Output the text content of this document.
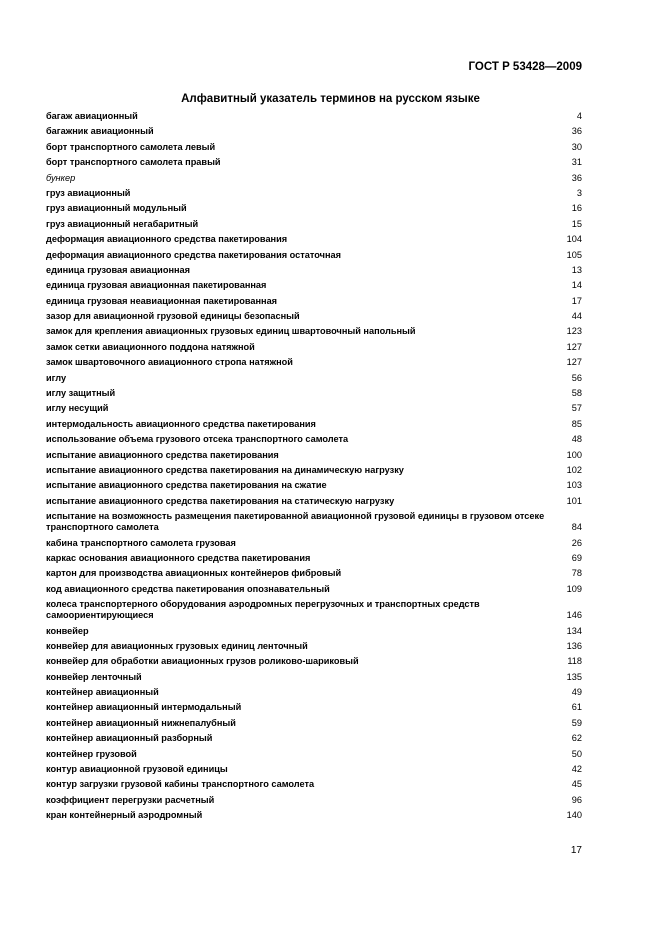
ГОСТ Р 53428—2009
Алфавитный указатель терминов на русском языке
багаж авиационный	4
багажник авиационный	36
борт транспортного самолета левый	30
борт транспортного самолета правый	31
бункер	36
груз авиационный	3
груз авиационный модульный	16
груз авиационный негабаритный	15
деформация авиационного средства пакетирования	104
деформация авиационного средства пакетирования остаточная	105
единица грузовая авиационная	13
единица грузовая авиационная пакетированная	14
единица грузовая неавиационная пакетированная	17
зазор для авиационной грузовой единицы безопасный	44
замок для крепления авиационных грузовых единиц швартовочный напольный	123
замок сетки авиационного поддона натяжной	127
замок швартовочного авиационного стропа натяжной	127
иглу	56
иглу защитный	58
иглу несущий	57
интермодальность авиационного средства пакетирования	85
использование объема грузового отсека транспортного самолета	48
испытание авиационного средства пакетирования	100
испытание авиационного средства пакетирования на динамическую нагрузку	102
испытание авиационного средства пакетирования на сжатие	103
испытание авиационного средства пакетирования на статическую нагрузку	101
испытание на возможность размещения пакетированной авиационной грузовой единицы в грузовом отсеке транспортного самолета	84
кабина транспортного самолета грузовая	26
каркас основания авиационного средства пакетирования	69
картон для производства авиационных контейнеров фибровый	78
код авиационного средства пакетирования опознавательный	109
колеса транспортерного оборудования аэродромных перегрузочных и транспортных средств самоориентирующиеся	146
конвейер	134
конвейер для авиационных грузовых единиц ленточный	136
конвейер для обработки авиационных грузов роликово-шариковый	118
конвейер ленточный	135
контейнер авиационный	49
контейнер авиационный интермодальный	61
контейнер авиационный нижнепалубный	59
контейнер авиационный разборный	62
контейнер грузовой	50
контур авиационной грузовой единицы	42
контур загрузки грузовой кабины транспортного самолета	45
коэффициент перегрузки расчетный	96
кран контейнерный аэродромный	140
17
